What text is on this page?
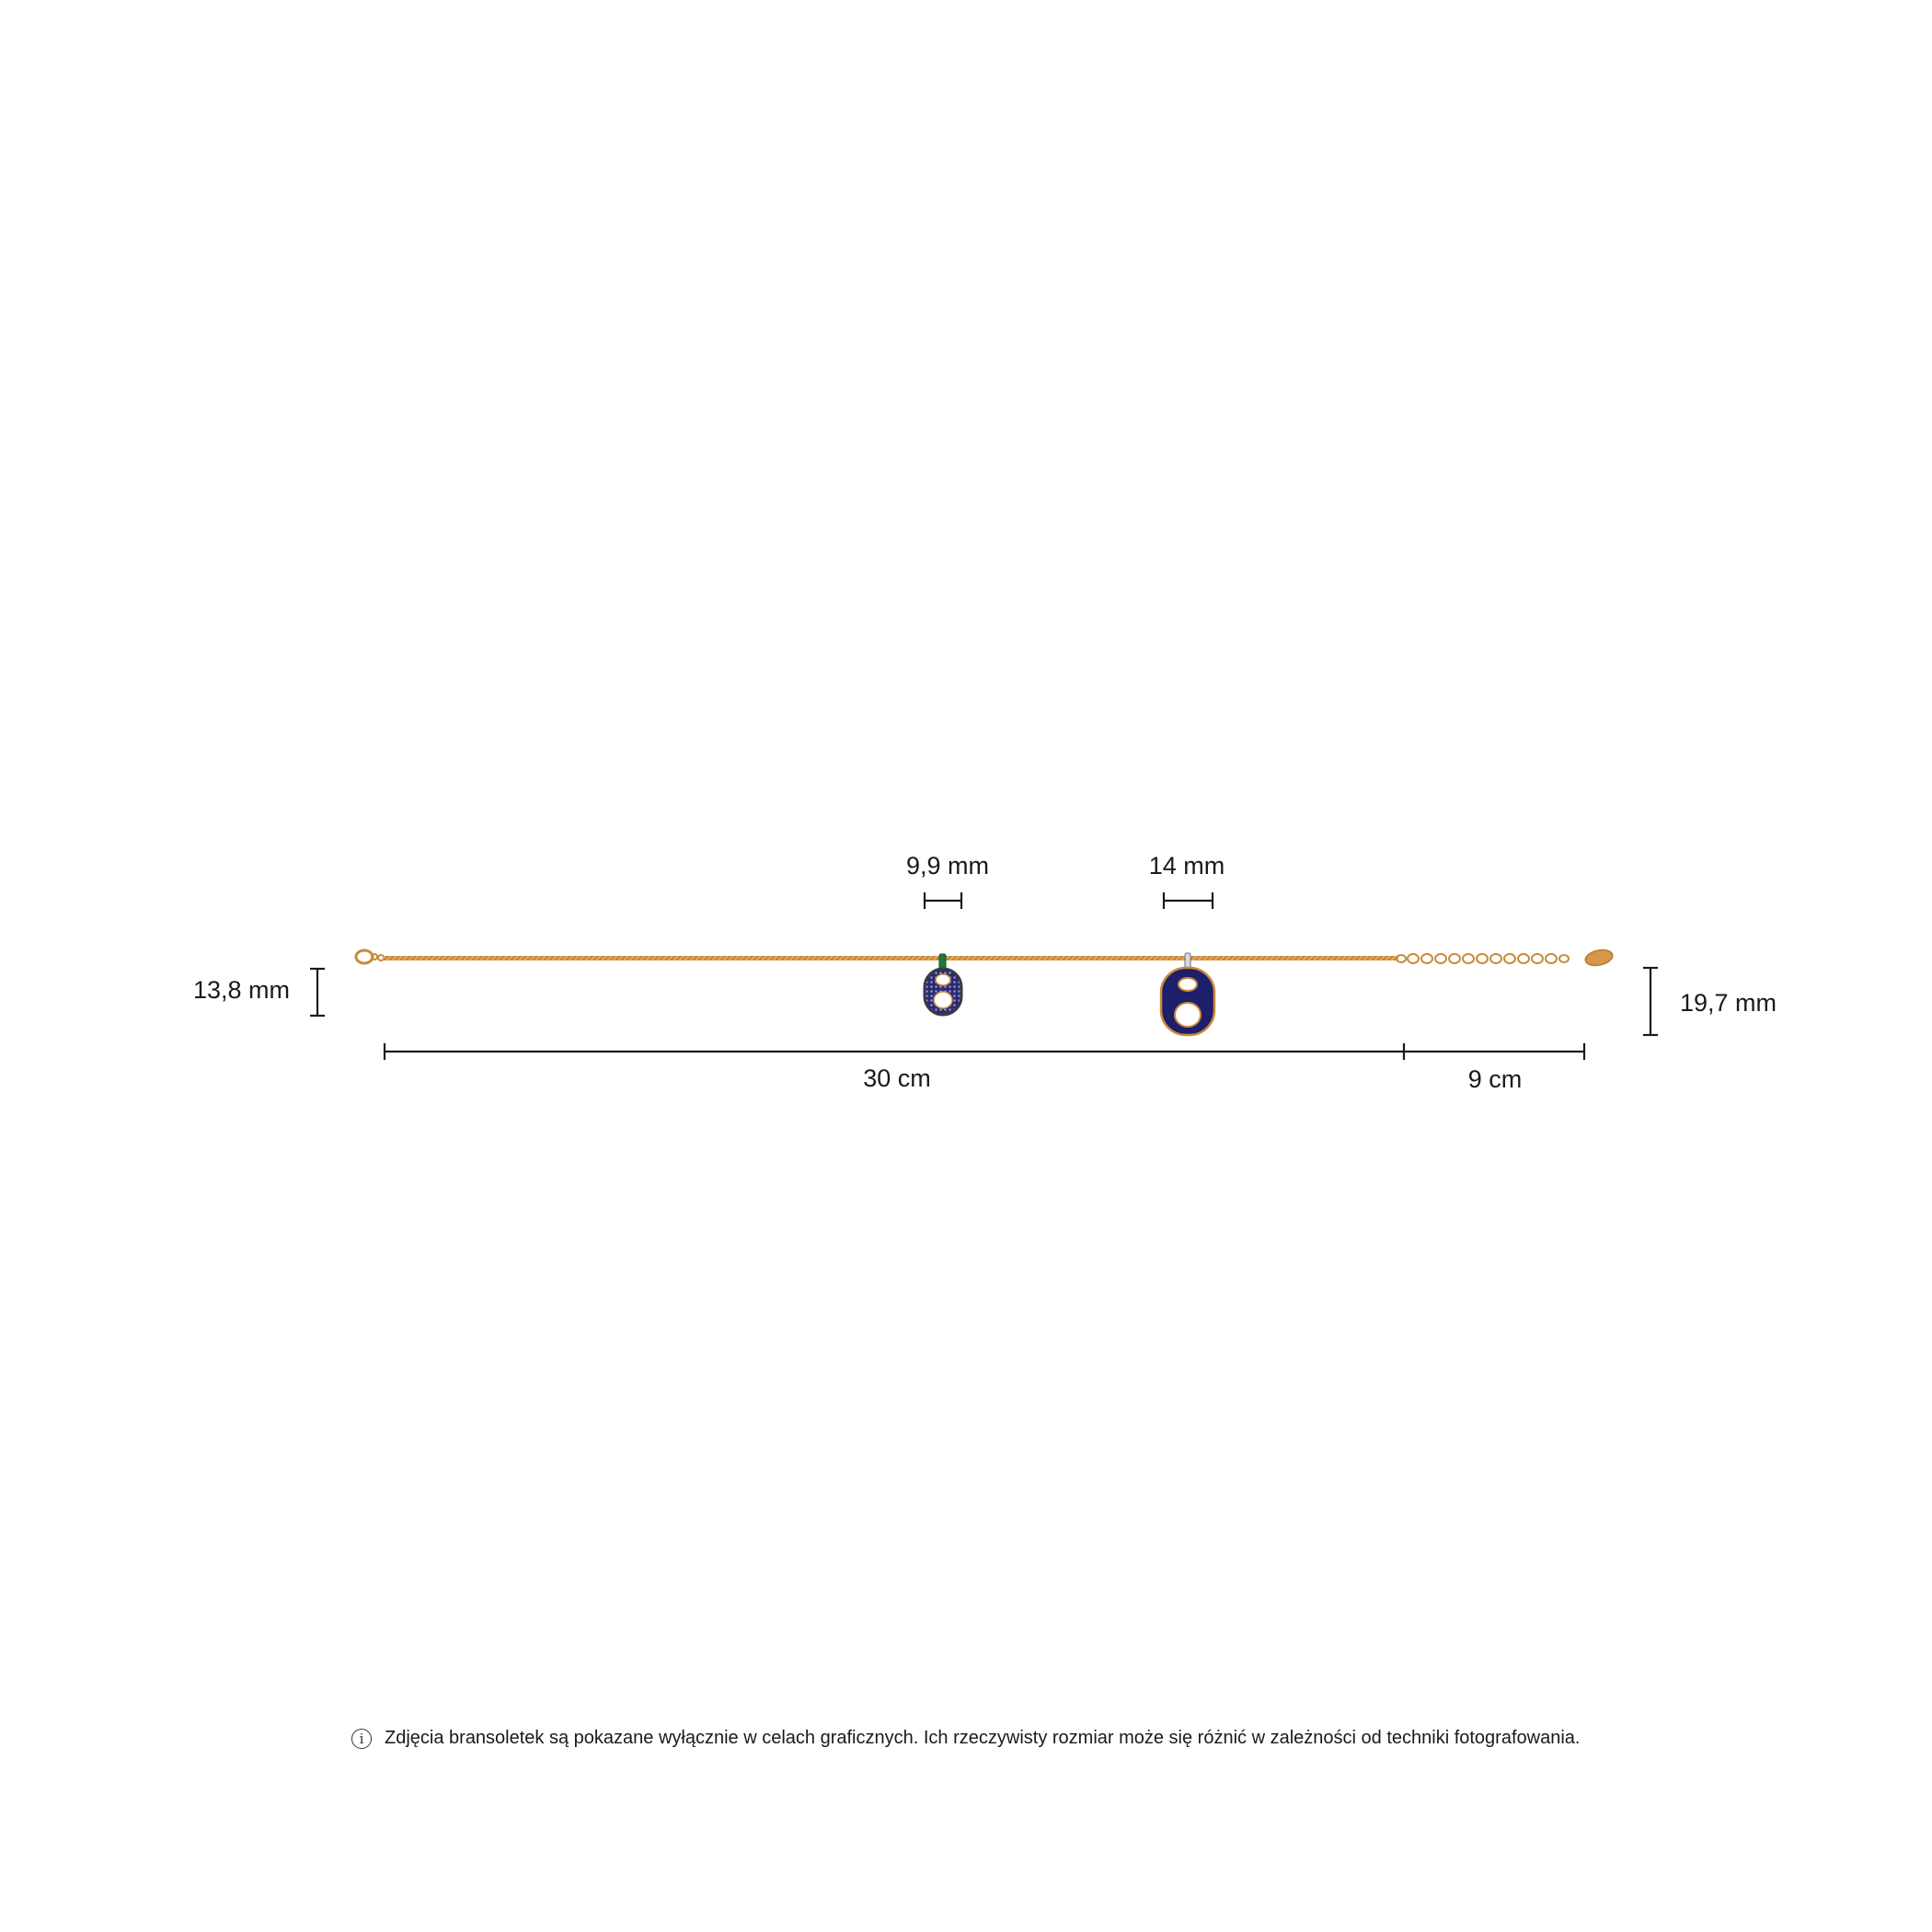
9,9 mm	14 mm
13,8 mm	19,7 mm
30 cm	9 cm
i	Zdjęcia bransoletek są pokazane wyłącznie w celach graficznych. Ich rzeczywisty rozmiar może się różnić w zależności od techniki fotografowania.
